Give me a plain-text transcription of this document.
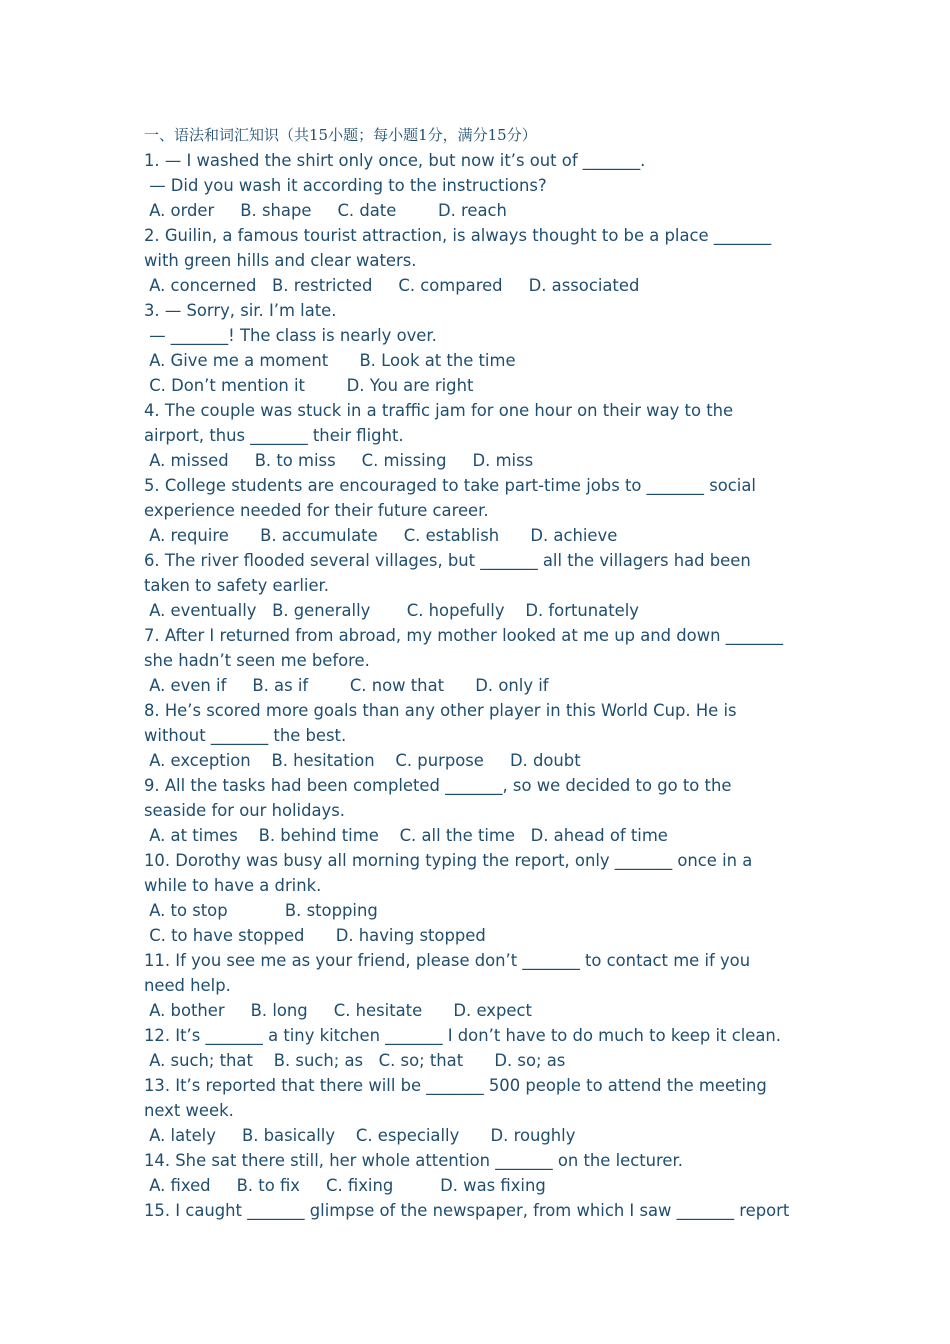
一、语法和词汇知识（共15小题；每小题1分，满分15分）
1. — I washed the shirt only once, but now it’s out of _______.
— Did you wash it according to the instructions?
A. order     B. shape     C. date        D. reach
2. Guilin, a famous tourist attraction, is always thought to be a place _______
with green hills and clear waters.
A. concerned   B. restricted     C. compared     D. associated
3. — Sorry, sir. I’m late.
— _______! The class is nearly over.
A. Give me a moment      B. Look at the time
C. Don’t mention it        D. You are right
4. The couple was stuck in a traffic jam for one hour on their way to the
airport, thus _______ their flight.
A. missed     B. to miss     C. missing     D. miss
5. College students are encouraged to take part-time jobs to _______ social
experience needed for their future career.
A. require      B. accumulate     C. establish      D. achieve
6. The river flooded several villages, but _______ all the villagers had been
taken to safety earlier.
A. eventually   B. generally       C. hopefully    D. fortunately
7. After I returned from abroad, my mother looked at me up and down _______
she hadn’t seen me before.
A. even if     B. as if        C. now that      D. only if
8. He’s scored more goals than any other player in this World Cup. He is
without _______ the best.
A. exception    B. hesitation    C. purpose     D. doubt
9. All the tasks had been completed _______, so we decided to go to the
seaside for our holidays.
A. at times    B. behind time    C. all the time   D. ahead of time
10. Dorothy was busy all morning typing the report, only _______ once in a
while to have a drink.
A. to stop           B. stopping
C. to have stopped      D. having stopped
11. If you see me as your friend, please don’t _______ to contact me if you
need help.
A. bother     B. long     C. hesitate      D. expect
12. It’s _______ a tiny kitchen _______ I don’t have to do much to keep it clean.
A. such; that    B. such; as   C. so; that      D. so; as
13. It’s reported that there will be _______ 500 people to attend the meeting
next week.
A. lately     B. basically    C. especially      D. roughly
14. She sat there still, her whole attention _______ on the lecturer.
A. fixed     B. to fix     C. fixing         D. was fixing
15. I caught _______ glimpse of the newspaper, from which I saw _______ report
